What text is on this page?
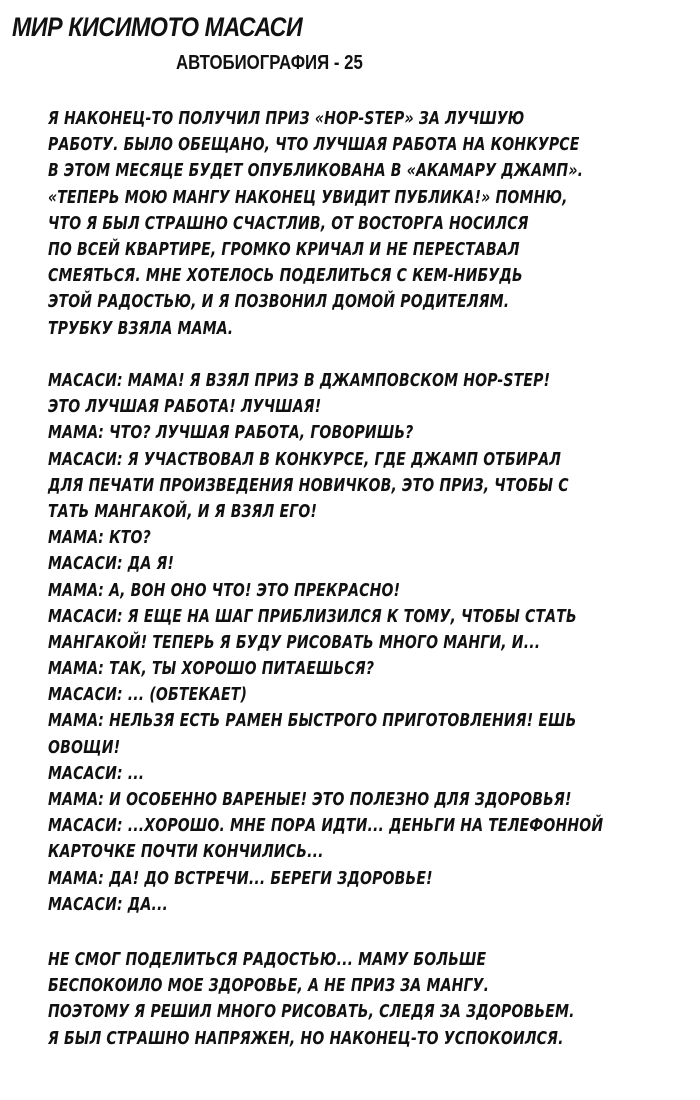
МИР КИСИМОТО МАСАСИ
АВТОБИОГРАФИЯ - 25
Я НАКОНЕЦ-ТО ПОЛУЧИЛ ПРИЗ «HOP-STEP» ЗА ЛУЧШУЮ
РАБОТУ. БЫЛО ОБЕЩАНО, ЧТО ЛУЧШАЯ РАБОТА НА КОНКУРСЕ
В ЭТОМ МЕСЯЦЕ БУДЕТ ОПУБЛИКОВАНА В «АКАМАРУ ДЖАМП».
«ТЕПЕРЬ МОЮ МАНГУ НАКОНЕЦ УВИДИТ ПУБЛИКА!» ПОМНЮ,
ЧТО Я БЫЛ СТРАШНО СЧАСТЛИВ, ОТ ВОСТОРГА НОСИЛСЯ
ПО ВСЕЙ КВАРТИРЕ, ГРОМКО КРИЧАЛ И НЕ ПЕРЕСТАВАЛ
СМЕЯТЬСЯ. МНЕ ХОТЕЛОСЬ ПОДЕЛИТЬСЯ С КЕМ-НИБУДЬ
ЭТОЙ РАДОСТЬЮ, И Я ПОЗВОНИЛ ДОМОЙ РОДИТЕЛЯМ.
ТРУБКУ ВЗЯЛА МАМА.
МАСАСИ: МАМА! Я ВЗЯЛ ПРИЗ В ДЖАМПОВСКОМ HOP-STEP!
ЭТО ЛУЧШАЯ РАБОТА! ЛУЧШАЯ!
МАМА: ЧТО? ЛУЧШАЯ РАБОТА, ГОВОРИШЬ?
МАСАСИ: Я УЧАСТВОВАЛ В КОНКУРСЕ, ГДЕ ДЖАМП ОТБИРАЛ
ДЛЯ ПЕЧАТИ ПРОИЗВЕДЕНИЯ НОВИЧКОВ, ЭТО ПРИЗ, ЧТОБЫ С
ТАТЬ МАНГАКОЙ, И Я ВЗЯЛ ЕГО!
МАМА: КТО?
МАСАСИ: ДА Я!
МАМА: А, ВОН ОНО ЧТО! ЭТО ПРЕКРАСНО!
МАСАСИ: Я ЕЩЕ НА ШАГ ПРИБЛИЗИЛСЯ К ТОМУ, ЧТОБЫ СТАТЬ
МАНГАКОЙ! ТЕПЕРЬ Я БУДУ РИСОВАТЬ МНОГО МАНГИ, И...
МАМА: ТАК, ТЫ ХОРОШО ПИТАЕШЬСЯ?
МАСАСИ: ... (ОБТЕКАЕТ)
МАМА: НЕЛЬЗЯ ЕСТЬ РАМЕН БЫСТРОГО ПРИГОТОВЛЕНИЯ! ЕШЬ
ОВОЩИ!
МАСАСИ: ...
МАМА: И ОСОБЕННО ВАРЕНЫЕ! ЭТО ПОЛЕЗНО ДЛЯ ЗДОРОВЬЯ!
МАСАСИ: ...ХОРОШО. МНЕ ПОРА ИДТИ... ДЕНЬГИ НА ТЕЛЕФОННОЙ
КАРТОЧКЕ ПОЧТИ КОНЧИЛИСЬ...
МАМА: ДА! ДО ВСТРЕЧИ... БЕРЕГИ ЗДОРОВЬЕ!
МАСАСИ: ДА...
НЕ СМОГ ПОДЕЛИТЬСЯ РАДОСТЬЮ... МАМУ БОЛЬШЕ
БЕСПОКОИЛО МОЕ ЗДОРОВЬЕ, А НЕ ПРИЗ ЗА МАНГУ.
ПОЭТОМУ Я РЕШИЛ МНОГО РИСОВАТЬ, СЛЕДЯ ЗА ЗДОРОВЬЕМ.
Я БЫЛ СТРАШНО НАПРЯЖЕН, НО НАКОНЕЦ-ТО УСПОКОИЛСЯ.
